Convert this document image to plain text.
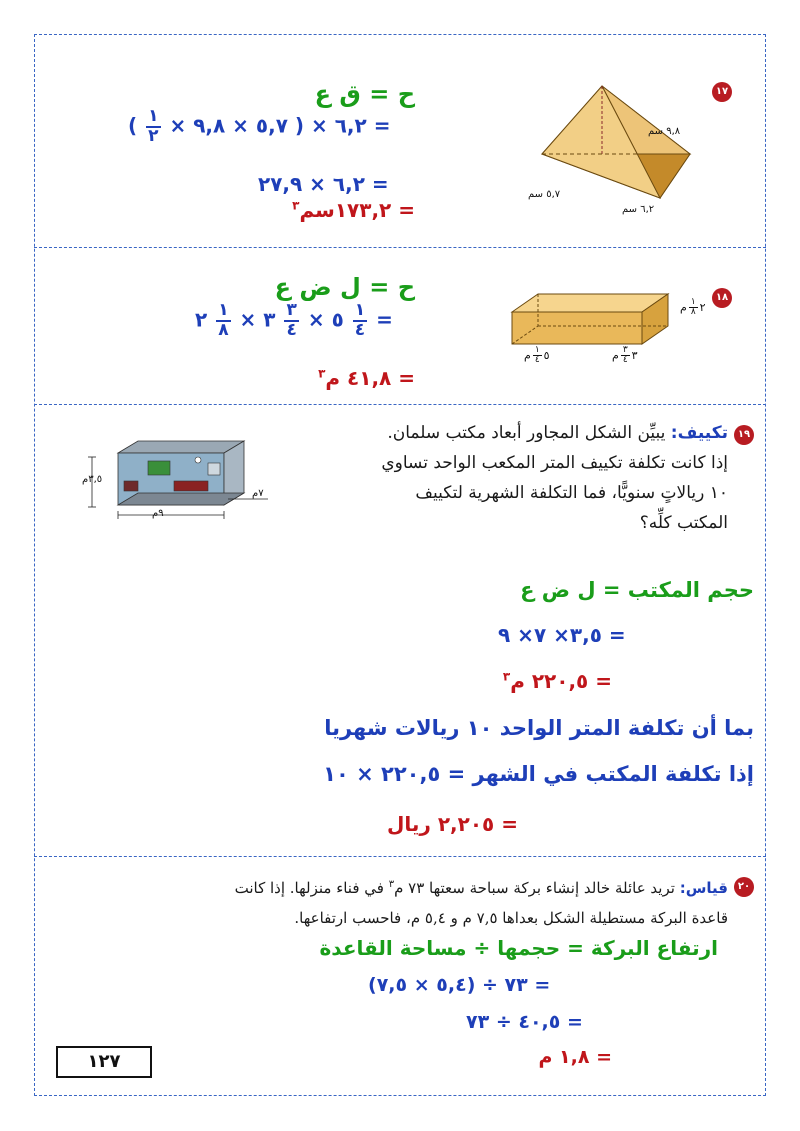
١٧
ح = ق ع
٦,٢ × ( ٥,٧ × ٩,٨ ×
$\frac{١}{٢}$
) =
٦,٢ × ٢٧,٩ =
= ١٧٣,٢سم$^٣$
٩,٨ سم
٥,٧ سم
٦,٢ سم
١٨
ح = ل ض ع
=
$\frac{١}{٤}$
٥ ×
$\frac{٣}{٤}$
٣ ×
$\frac{١}{٨}$
٢
= ٤١,٨ م$^٣$
٢
$\frac{١}{٨}$
م
٥
$\frac{١}{٤}$
م	٣
$\frac{٣}{٤}$
م
١٩
تكييف: يبيِّن الشكل المجاور أبعاد مكتب سلمان.
إذا كانت تكلفة تكييف المتر المكعب الواحد تساوي
١٠ ريالاتٍ سنويًّا، فما التكلفة الشهرية لتكييف
المكتب كلِّه؟
٣,٥م
٩م
٧م
حجم المكتب = ل ض ع
٣,٥× ٧× ٩ =
= ٢٢٠,٥ م$^٣$
بما أن تكلفة المتر الواحد ١٠ ريالات شهريا
إذا تكلفة المكتب في الشهر = ٢٢٠,٥ × ١٠
= ٢,٢٠٥ ريال
٢٠
قياس: تريد عائلة خالد إنشاء بركة سباحة سعتها ٧٣ م$^٣$ في فناء منزلها. إذا كانت
قاعدة البركة مستطيلة الشكل بعداها ٧,٥ م و ٥,٤ م، فاحسب ارتفاعها.
ارتفاع البركة = حجمها ÷ مساحة القاعدة
(٥,٤ × ٧,٥) ÷ ٧٣ =
٤٠,٥ ÷ ٧٣ =
= ١,٨ م
١٢٧
